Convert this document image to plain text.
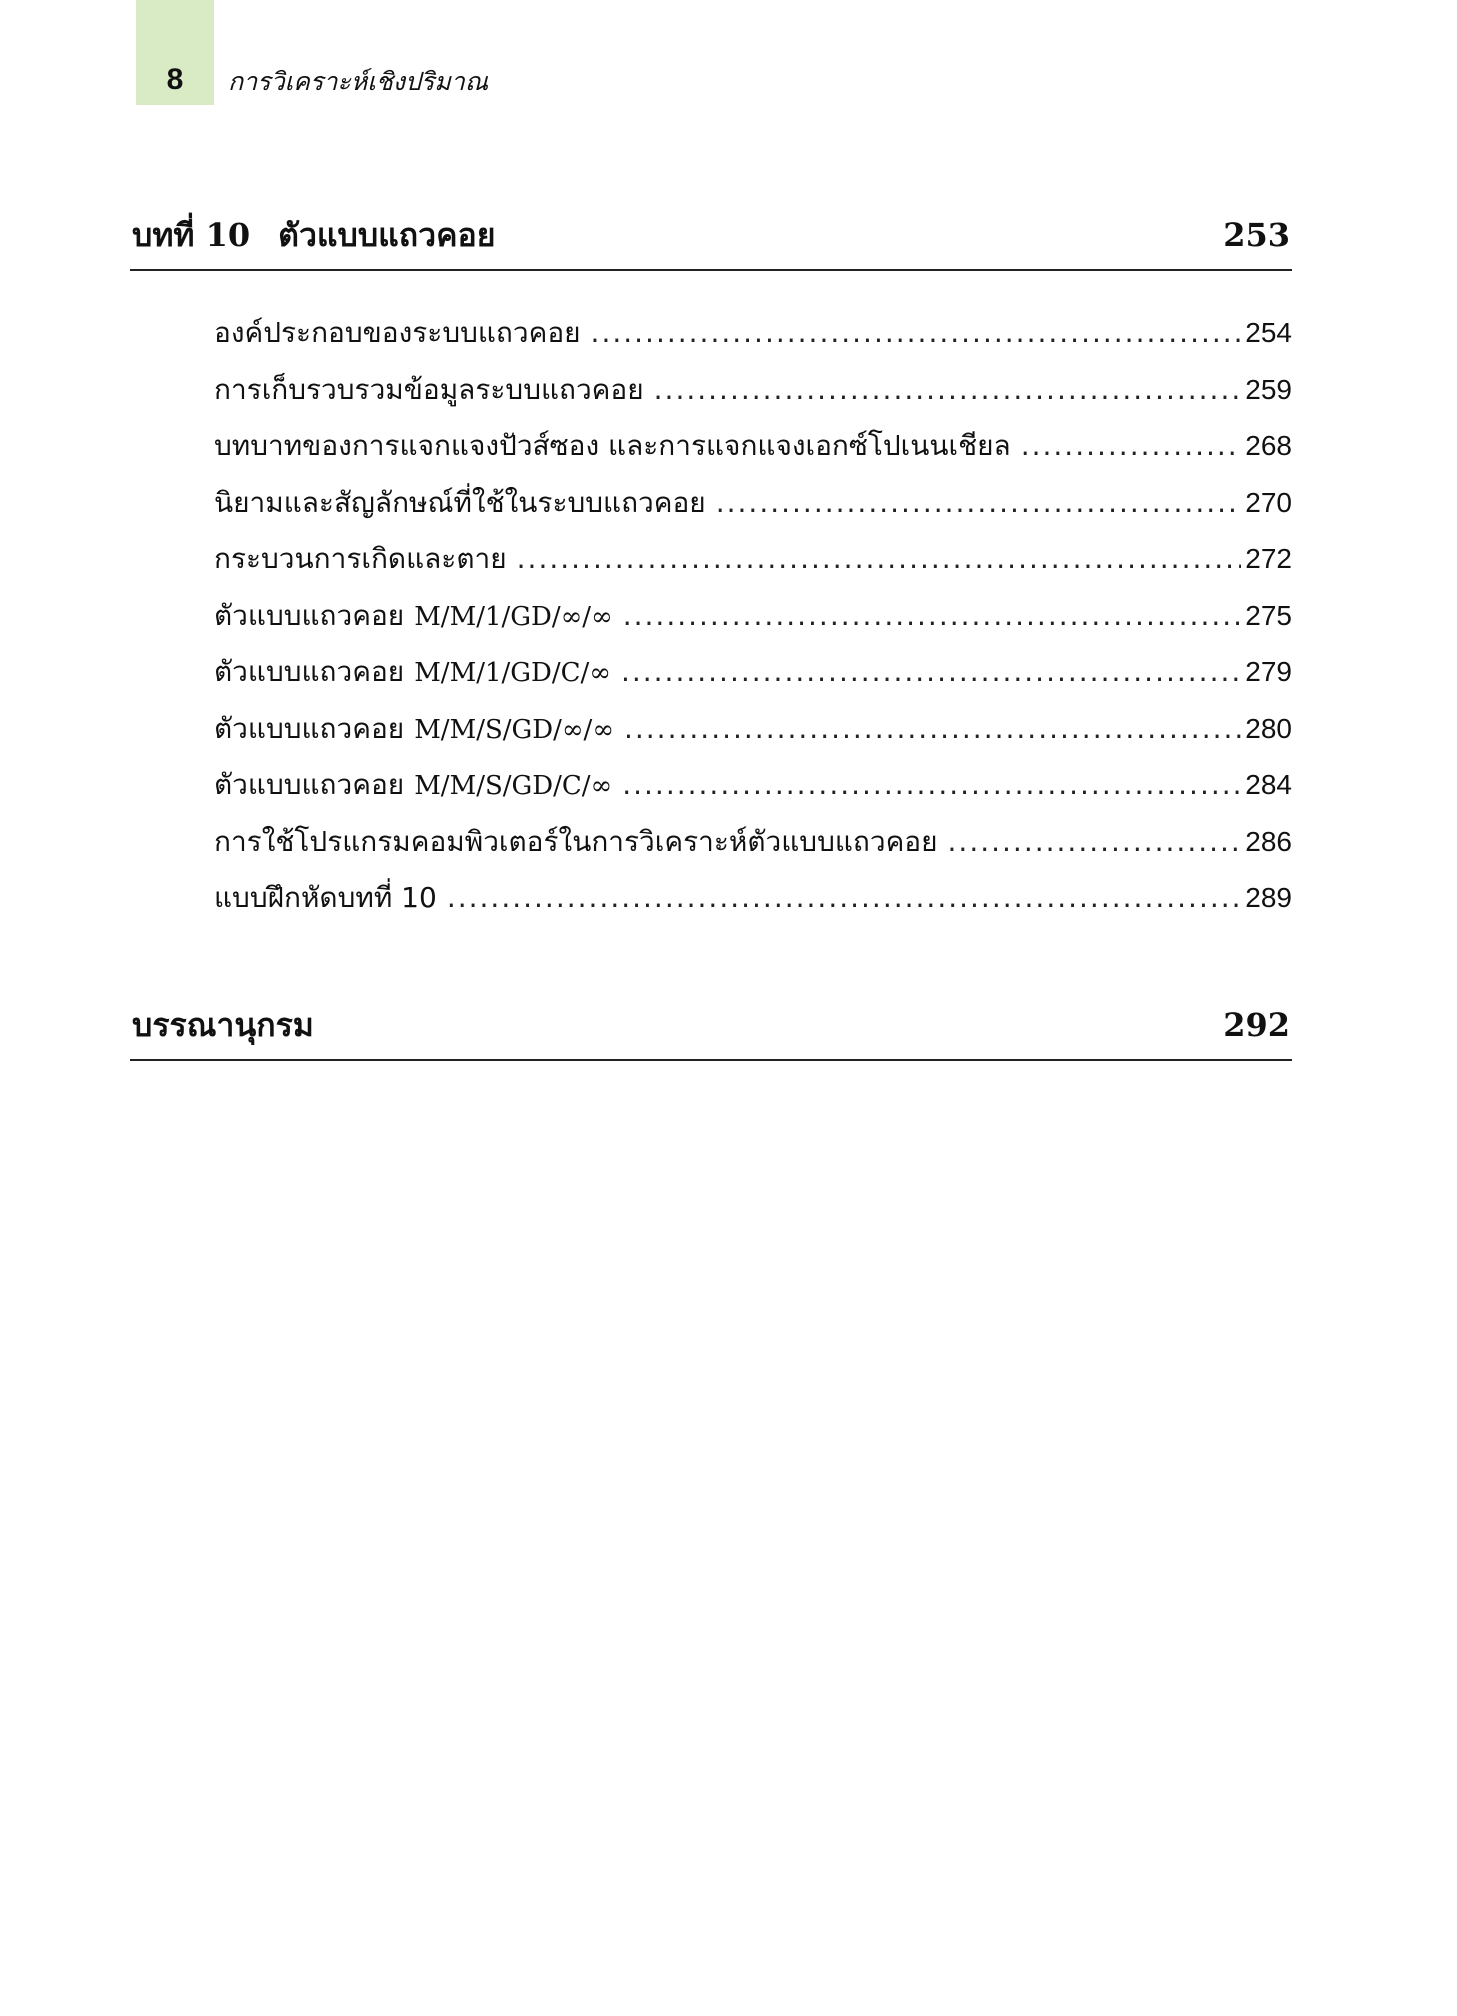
8	การวิเคราะห์เชิงปริมาณ
บทที่ 10 ตัวแบบแถวคอย	253
องค์ประกอบของระบบแถวคอย .....	254
การเก็บรวบรวมข้อมูลระบบแถวคอย .....	259
บทบาทของการแจกแจงปัวส์ซอง และการแจกแจงเอกซ์โปเนนเชียล .....	268
นิยามและสัญลักษณ์ที่ใช้ในระบบแถวคอย .....	270
กระบวนการเกิดและตาย .....	272
ตัวแบบแถวคอย M/M/1/GD/∞/∞ .....	275
ตัวแบบแถวคอย M/M/1/GD/C/∞ .....	279
ตัวแบบแถวคอย M/M/S/GD/∞/∞ .....	280
ตัวแบบแถวคอย M/M/S/GD/C/∞ .....	284
การใช้โปรแกรมคอมพิวเตอร์ในการวิเคราะห์ตัวแบบแถวคอย .....	286
แบบฝึกหัดบทที่ 10 .....	289
บรรณานุกรม	292
